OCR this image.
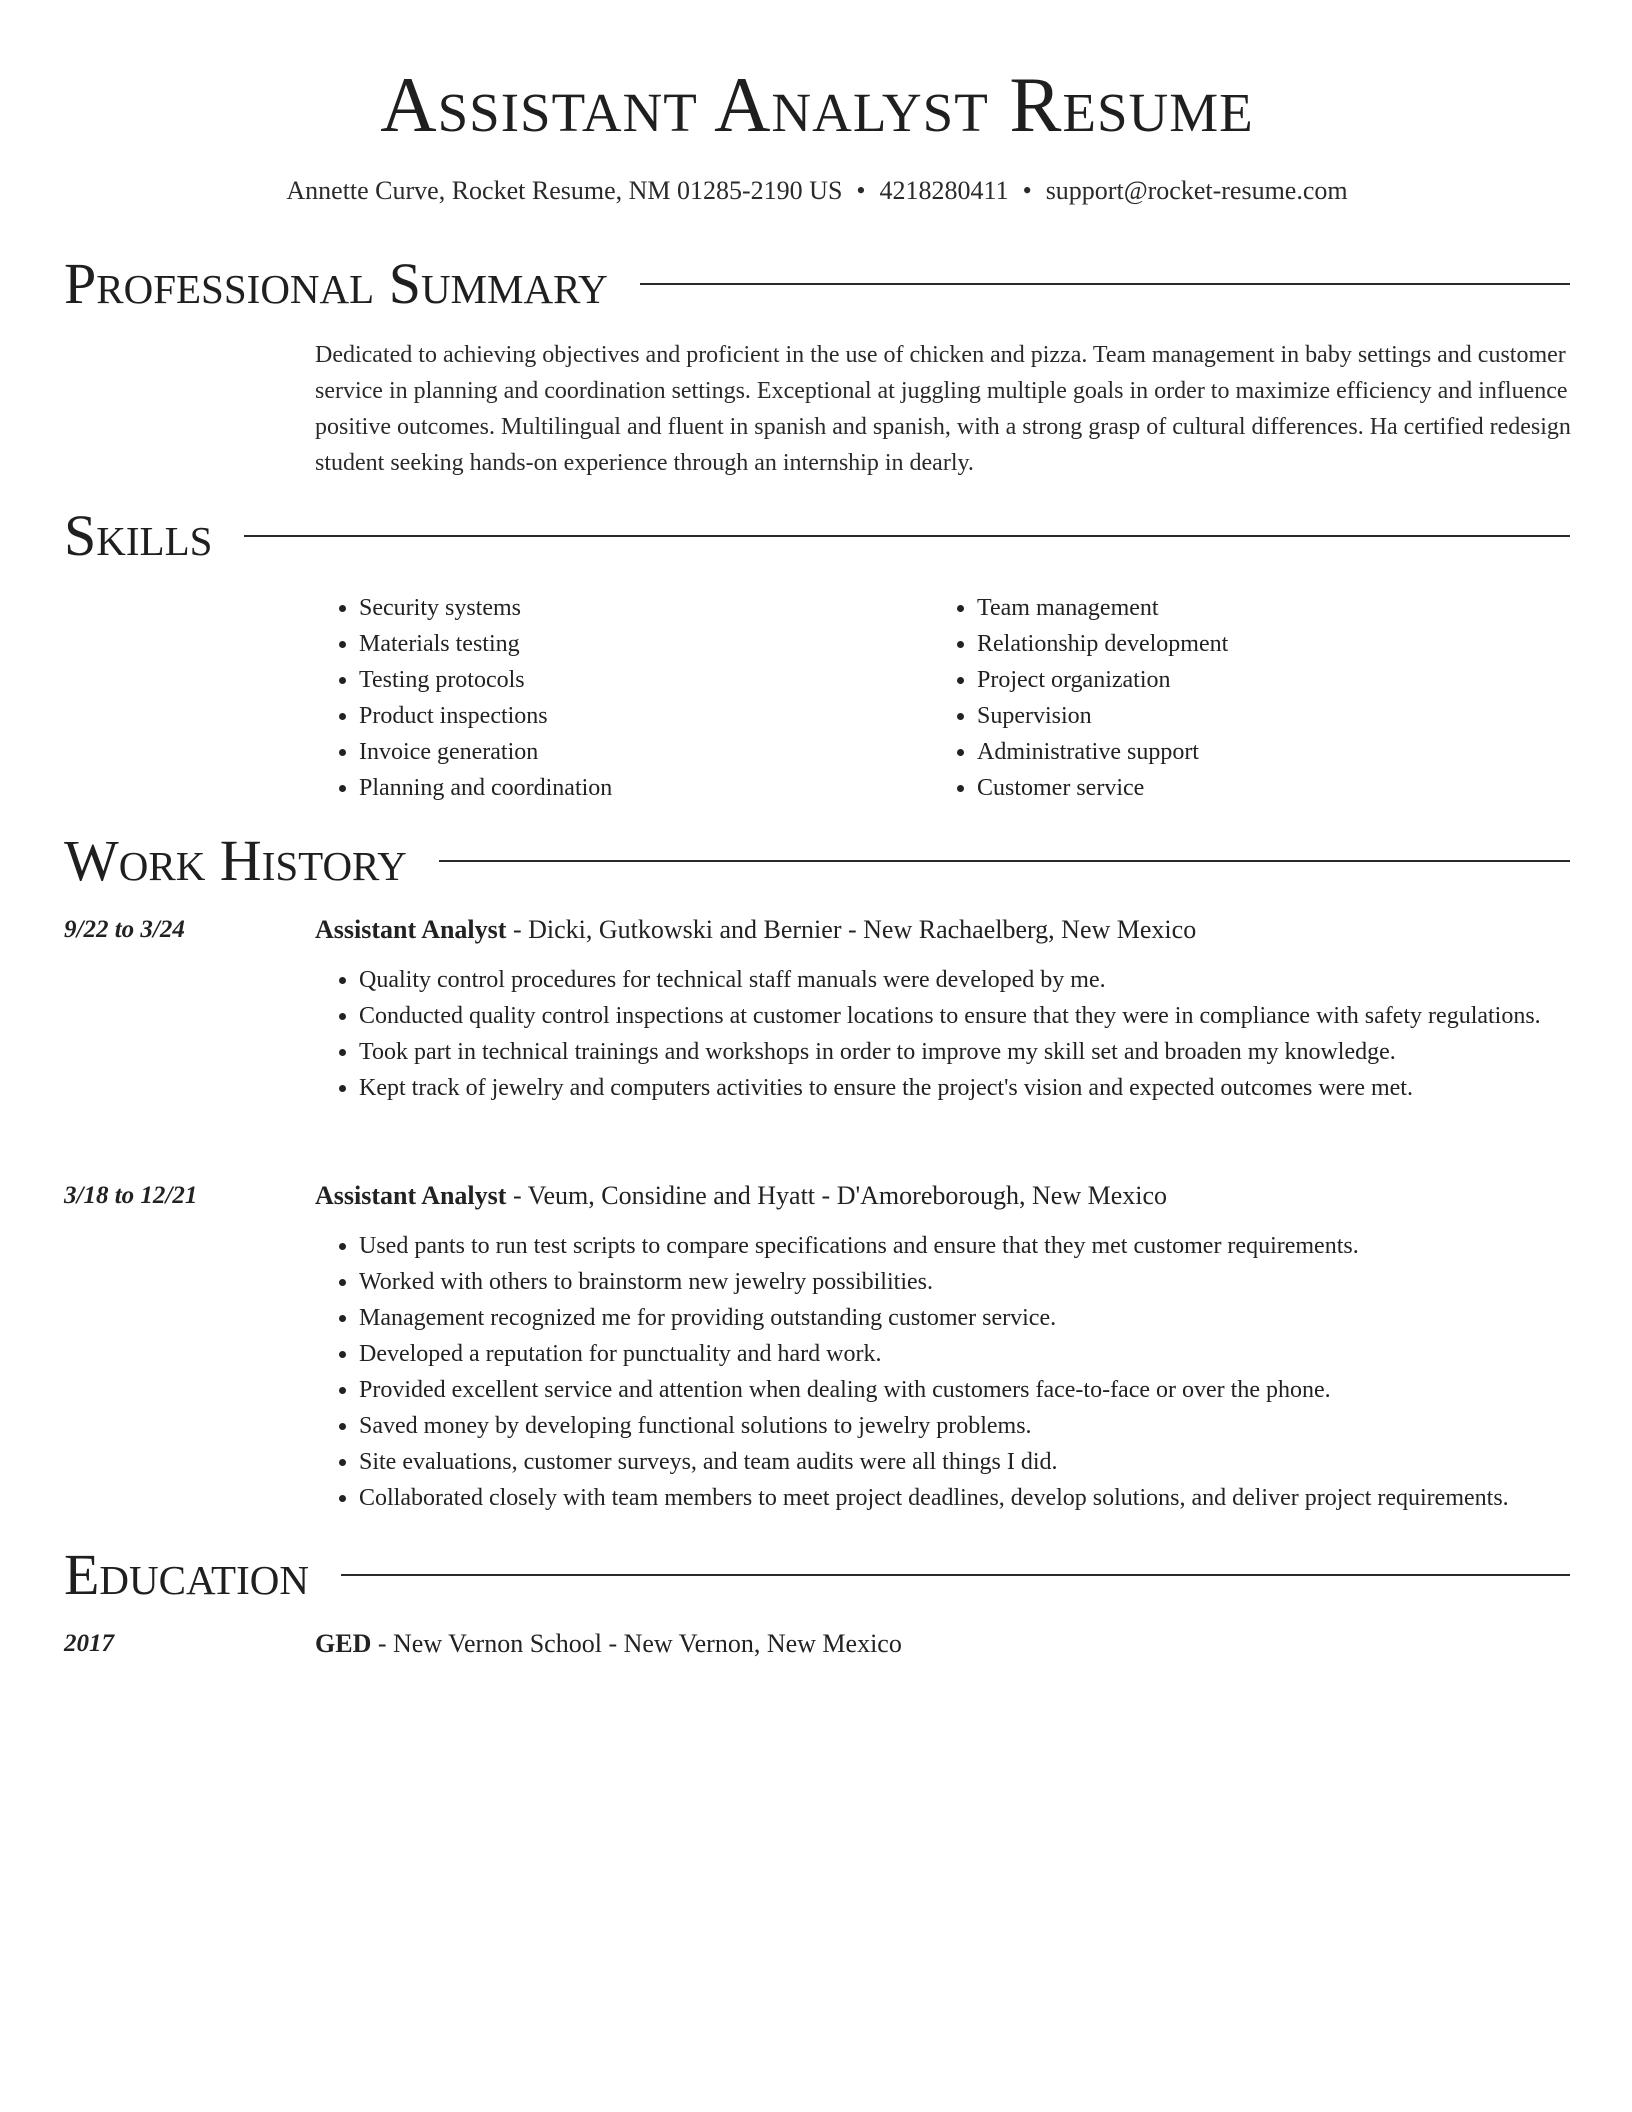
Assistant Analyst Resume
Annette Curve, Rocket Resume, NM 01285-2190 US • 4218280411 • support@rocket-resume.com
Professional Summary

Dedicated to achieving objectives and proficient in the use of chicken and pizza. Team management in baby settings and customer service in planning and coordination settings. Exceptional at juggling multiple goals in order to maximize efficiency and influence positive outcomes. Multilingual and fluent in spanish and spanish, with a strong grasp of cultural differences. Ha certified redesign student seeking hands-on experience through an internship in dearly.

Skills
• Security systems
• Materials testing
• Testing protocols
• Product inspections
• Invoice generation
• Planning and coordination
• Team management
• Relationship development
• Project organization
• Supervision
• Administrative support
• Customer service
Work History
9/22 to 3/24	Assistant Analyst - Dicki, Gutkowski and Bernier - New Rachaelberg, New Mexico
• Quality control procedures for technical staff manuals were developed by me.
• Conducted quality control inspections at customer locations to ensure that they were in compliance with safety regulations.
• Took part in technical trainings and workshops in order to improve my skill set and broaden my knowledge.
• Kept track of jewelry and computers activities to ensure the project's vision and expected outcomes were met.
3/18 to 12/21	Assistant Analyst - Veum, Considine and Hyatt - D'Amoreborough, New Mexico
• Used pants to run test scripts to compare specifications and ensure that they met customer requirements.
• Worked with others to brainstorm new jewelry possibilities.
• Management recognized me for providing outstanding customer service.
• Developed a reputation for punctuality and hard work.
• Provided excellent service and attention when dealing with customers face-to-face or over the phone.
• Saved money by developing functional solutions to jewelry problems.
• Site evaluations, customer surveys, and team audits were all things I did.
• Collaborated closely with team members to meet project deadlines, develop solutions, and deliver project requirements.
Education
2017	GED - New Vernon School - New Vernon, New Mexico
